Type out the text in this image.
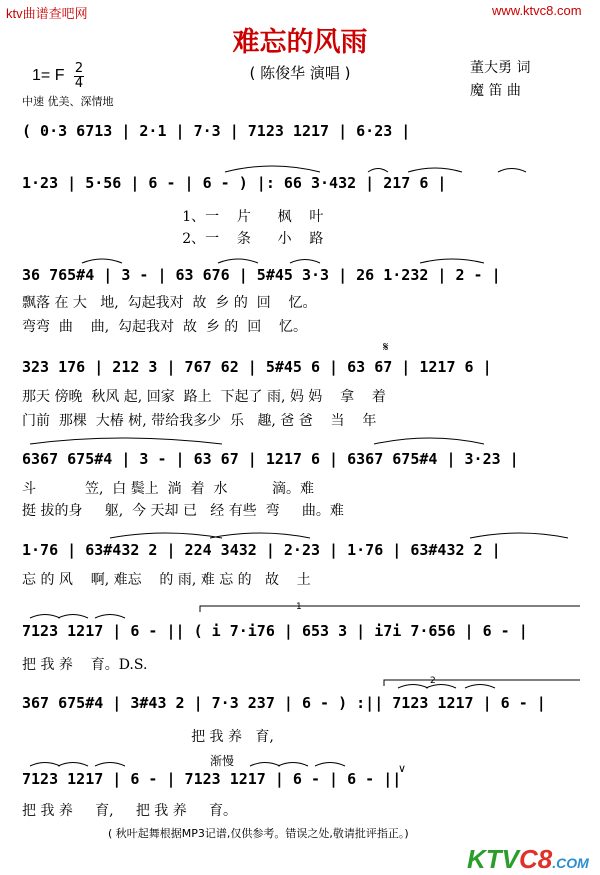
ktv曲谱查吧网	www.ktvc8.com
难忘的风雨
( 陈俊华 演唱 )
1= F 2
4
中速 优美、深情地
董大勇 词
魔 笛 曲
( 0·3 6713 | 2·1 | 7·3 | 7123 1217 | 6·23 |
1·23 | 5·56 | 6 - | 6 - ) |: 66 3·432 | 217 6 |
1、一    片      枫    叶
2、一    条      小    路
36 765#4 | 3 - | 63 676 | 5#45 3·3 | 26 1·232 | 2 - |
飘落 在 大   地,  勾起我对  故  乡 的  回    忆。
弯弯  曲    曲,  勾起我对  故  乡 的  回    忆。
323 176 | 212 3 | 767 62 | 5#45 6 | 63 67 | 1217 6 |
那天 傍晚  秋风 起, 回家  路上  下起了 雨, 妈 妈    拿    着
门前  那棵  大椿 树, 带给我多少  乐   趣, 爸 爸    当    年
6367 675#4 | 3 - | 63 67 | 1217 6 | 6367 675#4 | 3·23 |
斗           笠,  白 鬓上  淌  着  水          滴。难
挺 拔的身     躯,  今 天却 已   经 有些  弯     曲。难
1·76 | 63#432 2 | 224 3432 | 2·23 | 1·76 | 63#432 2 |
忘 的 风    啊, 难忘    的 雨, 难 忘 的   故    土
7123 1217 | 6 - || ( i 7·i76 | 653 3 | i7i 7·656 | 6 - |
把 我 养    育。D.S.
367 675#4 | 3#43 2 | 7·3 237 | 6 - ) :|| 7123 1217 | 6 - |
把 我 养   育,
7123 1217 | 6 - | 7123 1217 | 6 - | 6 - ||
把 我 养     育,     把 我 养     育。
渐慢
𝄋
∨
1
2
( 秋叶起舞根据MP3记谱,仅供参考。错误之处,敬请批评指正。)
KTVC8.COM
